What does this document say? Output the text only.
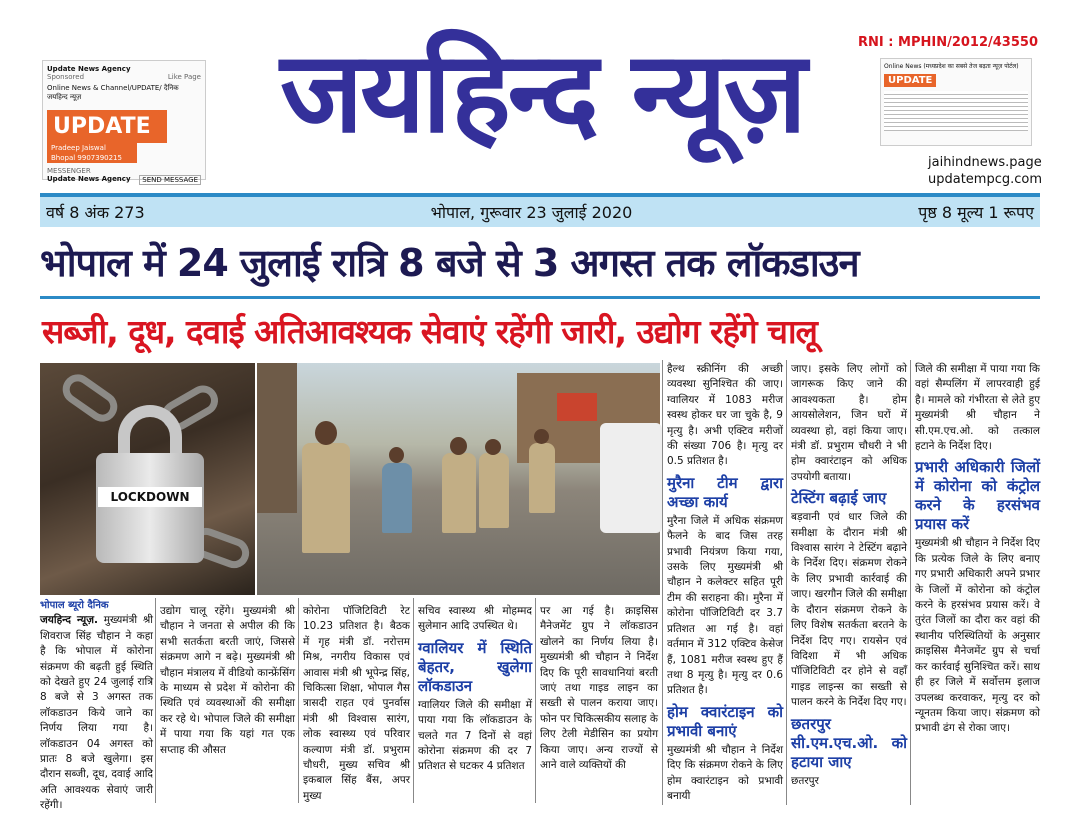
Update News Agency
Sponsored	Like Page
Online News & Channel/UPDATE/ दैनिक जयहिन्द न्यूज़
UPDATE
Pradeep Jaiswal
Bhopal 9907390215
MESSENGER
Update News Agency	SEND MESSAGE
जयहिन्द न्यूज़	RNI : MPHIN/2012/43550
Online News (मध्यप्रदेश का सबसे तेज बढ़ता न्यूज़ पोर्टल)
UPDATE
jaihindnews.page
updatempcg.com
वर्ष 8 अंक 273	भोपाल, गुरूवार 23 जुलाई 2020	पृष्ठ 8 मूल्य 1 रूपए
भोपाल में 24 जुलाई रात्रि 8 बजे से 3 अगस्त तक लॉकडाउन
सब्जी, दूध, दवाई अतिआवश्यक सेवाएं रहेंगी जारी, उद्योग रहेंगे चालू
LOCKDOWN
भोपाल ब्यूरो दैनिक
जयहिन्द न्यूज़. मुख्यमंत्री श्री शिवराज सिंह चौहान ने कहा है कि भोपाल में कोरोना संक्रमण की बढ़ती हुई स्थिति को देखते हुए 24 जुलाई रात्रि 8 बजे से 3 अगस्त तक लॉकडाउन किये जाने का निर्णय लिया गया है। लॉकडाउन 04 अगस्त को प्रातः 8 बजे खुलेगा। इस दौरान सब्जी, दूध, दवाई आदि अति आवश्यक सेवाएं जारी रहेंगी।
उद्योग चालू रहेंगे। मुख्यमंत्री श्री चौहान ने जनता से अपील की कि सभी सतर्कता बरती जाएं, जिससे संक्रमण आगे न बढ़े। मुख्यमंत्री श्री चौहान मंत्रालय में वीडियो कान्फ्रेंसिंग के माध्यम से प्रदेश में कोरोना की स्थिति एवं व्यवस्थाओं की समीक्षा कर रहे थे। भोपाल जिले की समीक्षा में पाया गया कि यहां गत एक सप्ताह की औसत
कोरोना पॉजिटिविटी रेट 10.23 प्रतिशत है। बैठक में गृह मंत्री डॉ. नरोत्तम मिश्र, नगरीय विकास एवं आवास मंत्री श्री भूपेन्द्र सिंह, चिकित्सा शिक्षा, भोपाल गैस त्रासदी राहत एवं पुनर्वास मंत्री श्री विश्वास सारंग, लोक स्वास्थ्य एवं परिवार कल्याण मंत्री डॉ. प्रभुराम चौधरी, मुख्य सचिव श्री इकबाल सिंह बैंस, अपर मुख्य
सचिव स्वास्थ्य श्री मोहम्मद सुलेमान आदि उपस्थित थे।
ग्वालियर में स्थिति बेहतर, खुलेगा लॉकडाउन
ग्वालियर जिले की समीक्षा में पाया गया कि लॉकडाउन के चलते गत 7 दिनों से वहां कोरोना संक्रमण की दर 7 प्रतिशत से घटकर 4 प्रतिशत
पर आ गई है। क्राइसिस मैनेजमेंट ग्रुप ने लॉकडाउन खोलने का निर्णय लिया है। मुख्यमंत्री श्री चौहान ने निर्देश दिए कि पूरी सावधानियां बरती जाएं तथा गाइड लाइन का सख्ती से पालन कराया जाए। फोन पर चिकित्सकीय सलाह के लिए टेली मेडीसिन का प्रयोग किया जाए। अन्य राज्यों से आने वाले व्यक्तियों की
हैल्थ स्क्रीनिंग की अच्छी व्यवस्था सुनिश्चित की जाए। ग्वालियर में 1083 मरीज स्वस्थ होकर घर जा चुके है, 9 मृत्यु है। अभी एक्टिव मरीजों की संख्या 706 है। मृत्यु दर 0.5 प्रतिशत है।
मुरैना टीम द्वारा अच्छा कार्य
मुरैना जिले में अधिक संक्रमण फैलने के बाद जिस तरह प्रभावी नियंत्रण किया गया, उसके लिए मुख्यमंत्री श्री चौहान ने कलेक्टर सहित पूरी टीम की सराहना की। मुरैना में कोरोना पॉजिटिविटी दर 3.7 प्रतिशत आ गई है। वहां वर्तमान में 312 एक्टिव केसेज हैं, 1081 मरीज स्वस्थ हुए हैं तथा 8 मृत्यु है। मृत्यु दर 0.6 प्रतिशत है।
होम क्वारंटाइन को प्रभावी बनाएं
मुख्यमंत्री श्री चौहान ने निर्देश दिए कि संक्रमण रोकने के लिए होम क्वारंटाइन को प्रभावी बनायी
जाए। इसके लिए लोगों को जागरूक किए जाने की आवश्यकता है। होम आयसोलेशन, जिन घरों में व्यवस्था हो, वहां किया जाए। मंत्री डॉ. प्रभुराम चौधरी ने भी होम क्वारंटाइन को अधिक उपयोगी बताया।
टेस्टिंग बढ़ाई जाए
बड़वानी एवं धार जिले की समीक्षा के दौरान मंत्री श्री विश्वास सारंग ने टेस्टिंग बढ़ाने के निर्देश दिए। संक्रमण रोकने के लिए प्रभावी कार्रवाई की जाए। खरगौन जिले की समीक्षा के दौरान संक्रमण रोकने के लिए विशेष सतर्कता बरतने के निर्देश दिए गए। रायसेन एवं विदिशा में भी अधिक पॉजिटिविटी दर होने से वहाँ गाइड लाइन्स का सख्ती से पालन करने के निर्देश दिए गए।
छतरपुर सी.एम.एच.ओ. को हटाया जाए
छतरपुर
जिले की समीक्षा में पाया गया कि वहां सैम्पलिंग में लापरवाही हुई है। मामले को गंभीरता से लेते हुए मुख्यमंत्री श्री चौहान ने सी.एम.एच.ओ. को तत्काल हटाने के निर्देश दिए।
प्रभारी अधिकारी जिलों में कोरोना को कंट्रोल करने के हरसंभव प्रयास करें
मुख्यमंत्री श्री चौहान ने निर्देश दिए कि प्रत्येक जिले के लिए बनाए गए प्रभारी अधिकारी अपने प्रभार के जिलों में कोरोना को कंट्रोल करने के हरसंभव प्रयास करें। वे तुरंत जिलों का दौरा कर वहां की स्थानीय परिस्थितियों के अनुसार क्राइसिस मैनेजमेंट ग्रुप से चर्चा कर कार्रवाई सुनिश्चित करें। साथ ही हर जिले में सर्वोत्तम इलाज उपलब्ध करवाकर, मृत्यु दर को न्यूनतम किया जाए। संक्रमण को प्रभावी ढंग से रोका जाए।
